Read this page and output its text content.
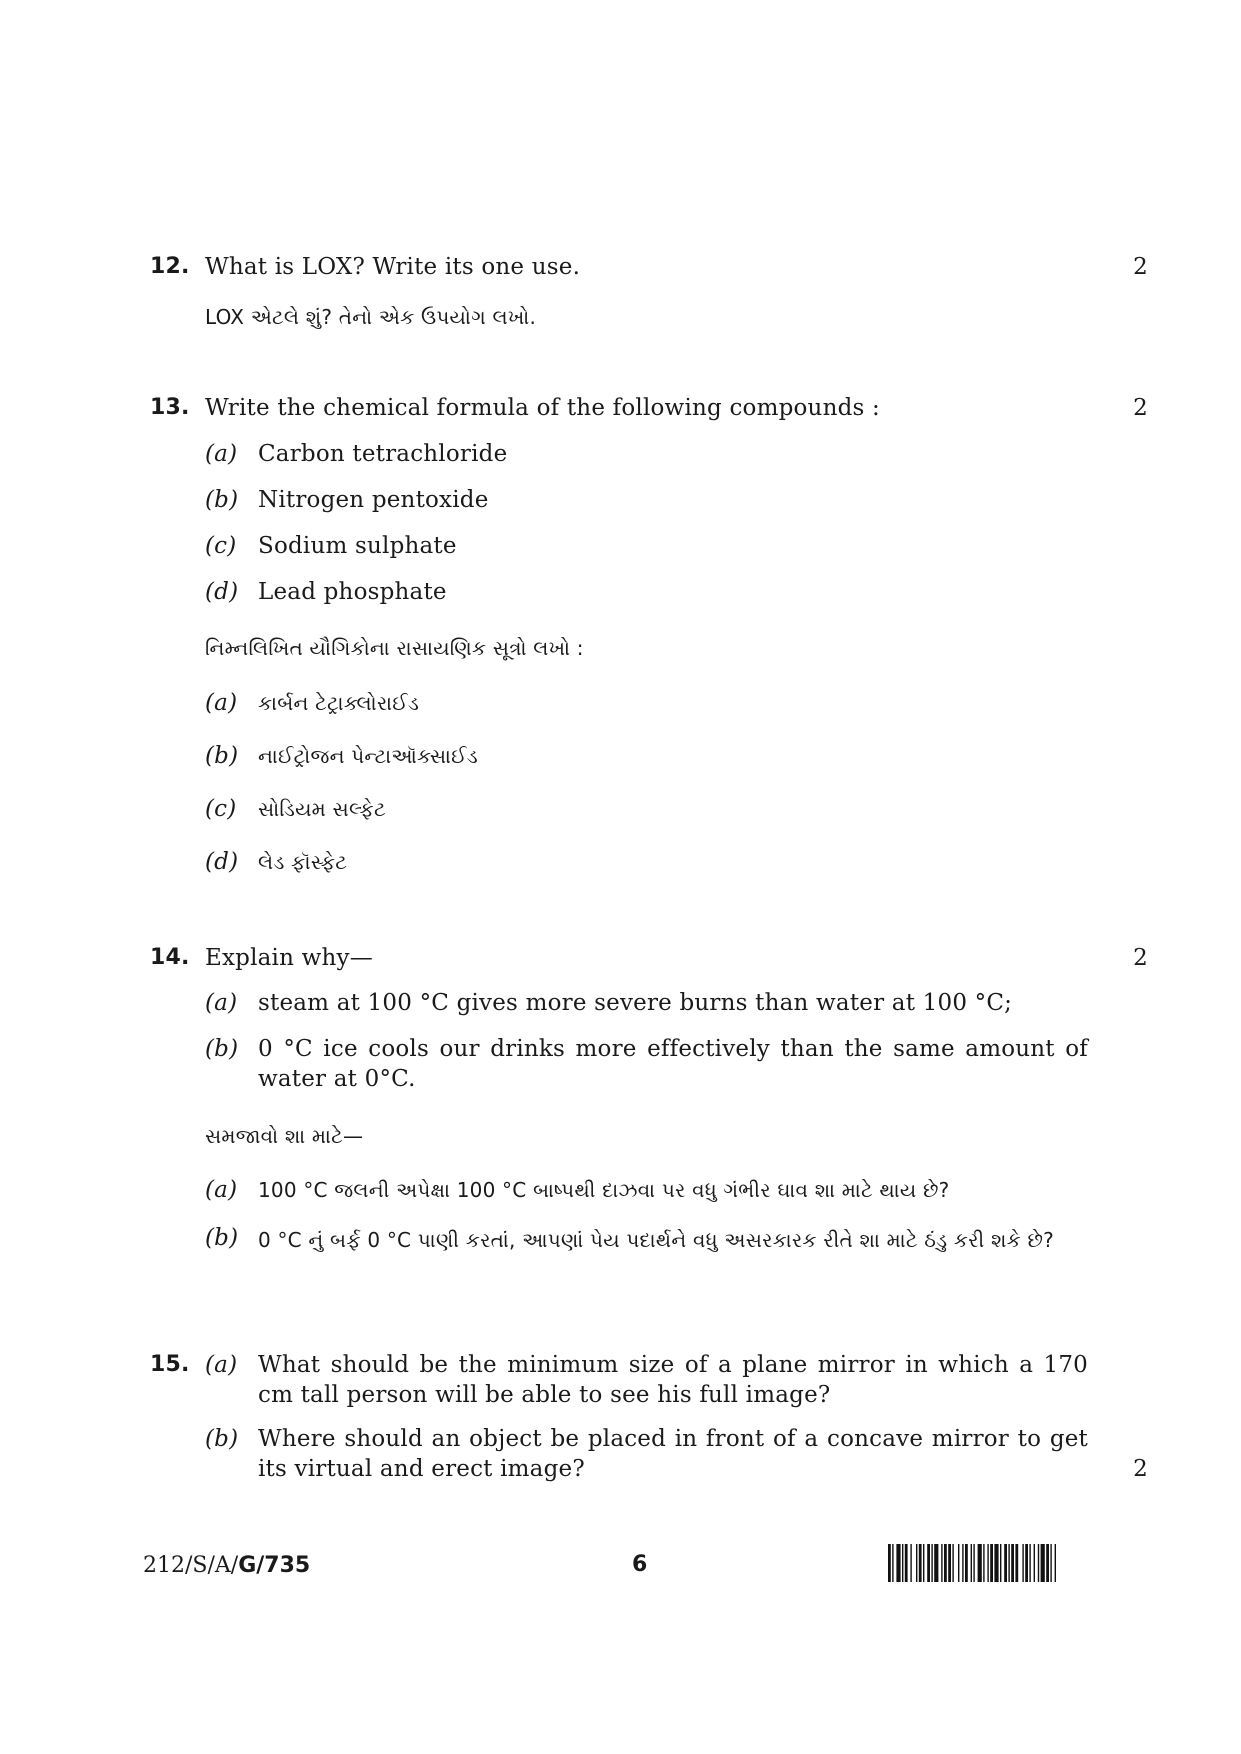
12. What is LOX? Write its one use.	2
LOX એટલે શું? તેનો એક ઉપયોગ લખો.
13. Write the chemical formula of the following compounds :	2
(a) Carbon tetrachloride
(b) Nitrogen pentoxide
(c) Sodium sulphate
(d) Lead phosphate
નિમ્નલિખિત યૌગિકોના રાસાયણિક સૂત્રો લખો :
(a) કાર્બન ટેટ્રાક્લોરાઈડ
(b) નાઈટ્રોજન પેન્ટાઑક્સાઈડ
(c) સોડિયમ સલ્ફેટ
(d) લેડ ફૉસ્ફેટ
14. Explain why—	2
(a) steam at 100 °C gives more severe burns than water at 100 °C;
(b) 0 °C ice cools our drinks more effectively than the same amount of water at 0°C.
સમજાવો શા માટે—
(a) 100 °C જલની અપેક્ષા 100 °C બાષ્પથી દાઝવા પર વધુ ગંભીર ઘાવ શા માટે થાય છે?
(b) 0 °C નું બર્ફ 0 °C પાણી કરતાં, આપણાં પેય પદાર્થને વધુ અસરકારક રીતે શા માટે ઠંડુ કરી શકે છે?
15. (a) What should be the minimum size of a plane mirror in which a 170 cm tall person will be able to see his full image?
(b) Where should an object be placed in front of a concave mirror to get its virtual and erect image?	2
212/S/A/G/735	6
